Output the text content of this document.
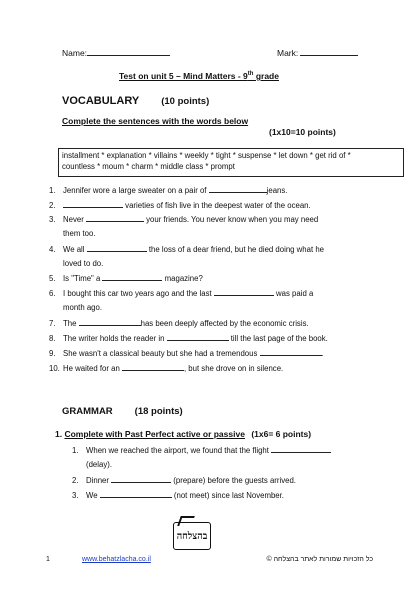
Name:	Mark:
Test on unit 5 – Mind Matters - 9th grade
VOCABULARY (10 points)
Complete the sentences with the words below
(1x10=10 points)
installment * explanation * villains * weekly * tight * suspense * let down * get rid of *
countless * moum * charm * middle class * prompt
1. Jennifer wore a large sweater on a pair of	jeans.
2.	varieties of fish live in the deepest water of the ocean.
3. Never	your friends. You never know when you may need
them too.
4. We all	the loss of a dear friend, but he died doing what he
loved to do.
5. Is "Time" a	magazine?
6. I bought this car two years ago and the last	was paid a
month ago.
7. The	has been deeply affected by the economic crisis.
8. The writer holds the reader in	till the last page of the book.
9. She wasn't a classical beauty but she had a tremendous	.
10. He waited for an	, but she drove on in silence.
GRAMMAR (18 points)
1. Complete with Past Perfect active or passive (1x6= 6 points)
1. When we reached the airport, we found that the flight
(delay).
2. Dinner	(prepare) before the guests arrived.
3. We	(not meet) since last November.
בהצלחה
1	www.behatzlacha.co.il	כל הזכויות שמורות לאתר בהצלחה ©
